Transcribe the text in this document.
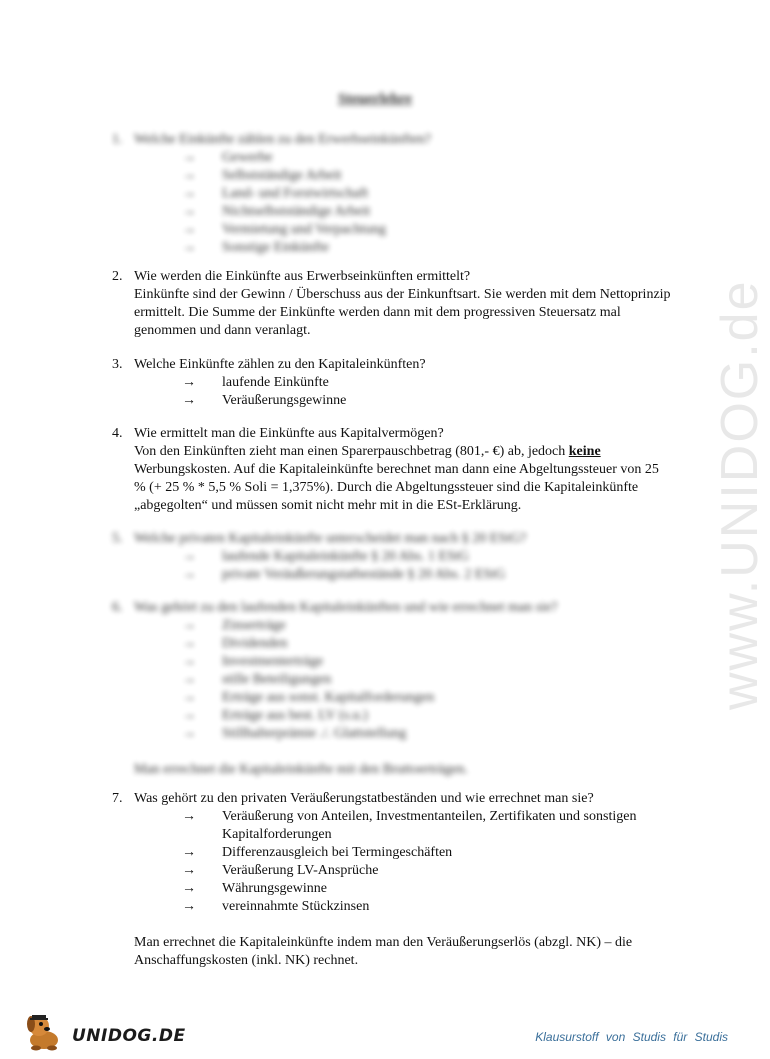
www.UNIDOG.de
Steuerlehre
1. Welche Einkünfte zählen zu den Erwerbseinkünften?
→ Gewerbe
→ Selbstständige Arbeit
→ Land- und Forstwirtschaft
→ Nichtselbstständige Arbeit
→ Vermietung und Verpachtung
→ Sonstige Einkünfte
2. Wie werden die Einkünfte aus Erwerbseinkünften ermittelt?
Einkünfte sind der Gewinn / Überschuss aus der Einkunftsart. Sie werden mit dem Nettoprinzip ermittelt. Die Summe der Einkünfte werden dann mit dem progressiven Steuersatz mal genommen und dann veranlagt.
3. Welche Einkünfte zählen zu den Kapitaleinkünften?
→ laufende Einkünfte
→ Veräußerungsgewinne
4. Wie ermittelt man die Einkünfte aus Kapitalvermögen?
Von den Einkünften zieht man einen Sparerpauschbetrag (801,- €) ab, jedoch keine Werbungskosten. Auf die Kapitaleinkünfte berechnet man dann eine Abgeltungssteuer von 25 % (+ 25 % * 5,5 % Soli = 1,375%). Durch die Abgeltungssteuer sind die Kapitaleinkünfte „abgegolten“ und müssen somit nicht mehr mit in die ESt-Erklärung.
5. Welche privaten Kapitaleinkünfte unterscheidet man nach § 20 EStG?
→ laufende Kapitaleinkünfte § 20 Abs. 1 EStG
→ private Veräußerungstatbestände § 20 Abs. 2 EStG
6. Was gehört zu den laufenden Kapitaleinkünften und wie errechnet man sie?
→ Zinserträge
→ Dividenden
→ Investmenterträge
→ stille Beteiligungen
→ Erträge aus sonst. Kapitalforderungen
→ Erträge aus best. LV (s.u.)
→ Stillhalterprämie ./. Glattstellung
Man errechnet die Kapitaleinkünfte mit den Bruttoerträgen.
7. Was gehört zu den privaten Veräußerungstatbeständen und wie errechnet man sie?
→ Veräußerung von Anteilen, Investmentanteilen, Zertifikaten und sonstigen Kapitalforderungen
→ Differenzausgleich bei Termingeschäften
→ Veräußerung LV-Ansprüche
→ Währungsgewinne
→ vereinnahmte Stückzinsen
Man errechnet die Kapitaleinkünfte indem man den Veräußerungserlös (abzgl. NK) – die Anschaffungskosten (inkl. NK) rechnet.
UNIDOG.DE	Klausurstoff von Studis für Studis
